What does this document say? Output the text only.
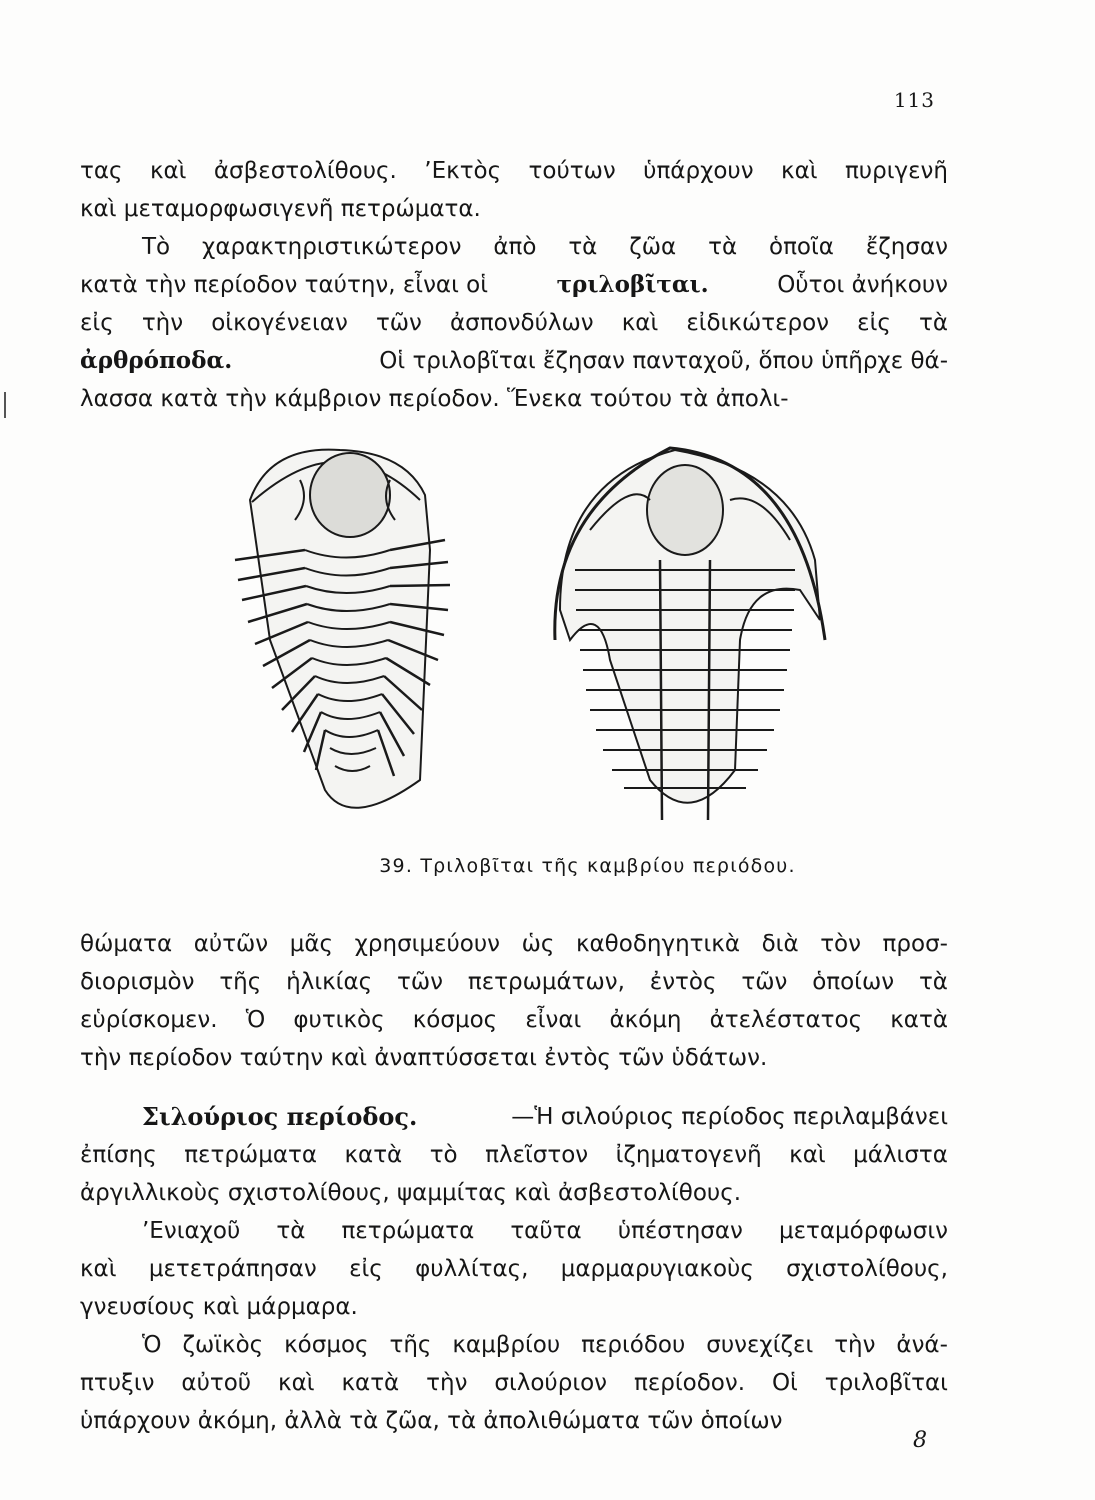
113
τας καὶ ἀσβεστολίθους. ’Εκτὸς τούτων ὑπάρχουν καὶ πυριγενῆ
καὶ μεταμορφωσιγενῆ πετρώματα.
Τὸ χαρακτηριστικώτερον ἀπὸ τὰ ζῶα τὰ ὁποῖα ἔζησαν
κατὰ τὴν περίοδον ταύτην, εἶναι οἱ	τριλοβῖται.	Οὗτοι ἀνήκουν
εἰς τὴν οἰκογένειαν τῶν ἀσπονδύλων καὶ εἰδικώτερον εἰς τὰ
ἀρθρόποδα.	Οἱ τριλοβῖται ἔζησαν πανταχοῦ, ὅπου ὑπῆρχε θά-
λασσα κατὰ τὴν κάμβριον περίοδον. Ἕνεκα τούτου τὰ ἀπολι-
39. Τριλοβῖται τῆς καμβρίου περιόδου.
θώματα αὐτῶν μᾶς χρησιμεύουν ὡς καθοδηγητικὰ διὰ τὸν προσ-
διορισμὸν τῆς ἡλικίας τῶν πετρωμάτων, ἐντὸς τῶν ὁποίων τὰ
εὑρίσκομεν. Ὁ φυτικὸς κόσμος εἶναι ἀκόμη ἀτελέστατος κατὰ
τὴν περίοδον ταύτην καὶ ἀναπτύσσεται ἐντὸς τῶν ὑδάτων.
Σιλούριος περίοδος.	—Ἡ σιλούριος περίοδος περιλαμβάνει
ἐπίσης πετρώματα κατὰ τὸ πλεῖστον ἰζηματογενῆ καὶ μάλιστα
ἀργιλλικοὺς σχιστολίθους, ψαμμίτας καὶ ἀσβεστολίθους.
’Ενιαχοῦ τὰ πετρώματα ταῦτα ὑπέστησαν μεταμόρφωσιν
καὶ μετετράπησαν εἰς φυλλίτας, μαρμαρυγιακοὺς σχιστολίθους,
γνευσίους καὶ μάρμαρα.
Ὁ ζωϊκὸς κόσμος τῆς καμβρίου περιόδου συνεχίζει τὴν ἀνά-
πτυξιν αὐτοῦ καὶ κατὰ τὴν σιλούριον περίοδον. Οἱ τριλοβῖται
ὑπάρχουν ἀκόμη, ἀλλὰ τὰ ζῶα, τὰ ἀπολιθώματα τῶν ὁποίων
8
